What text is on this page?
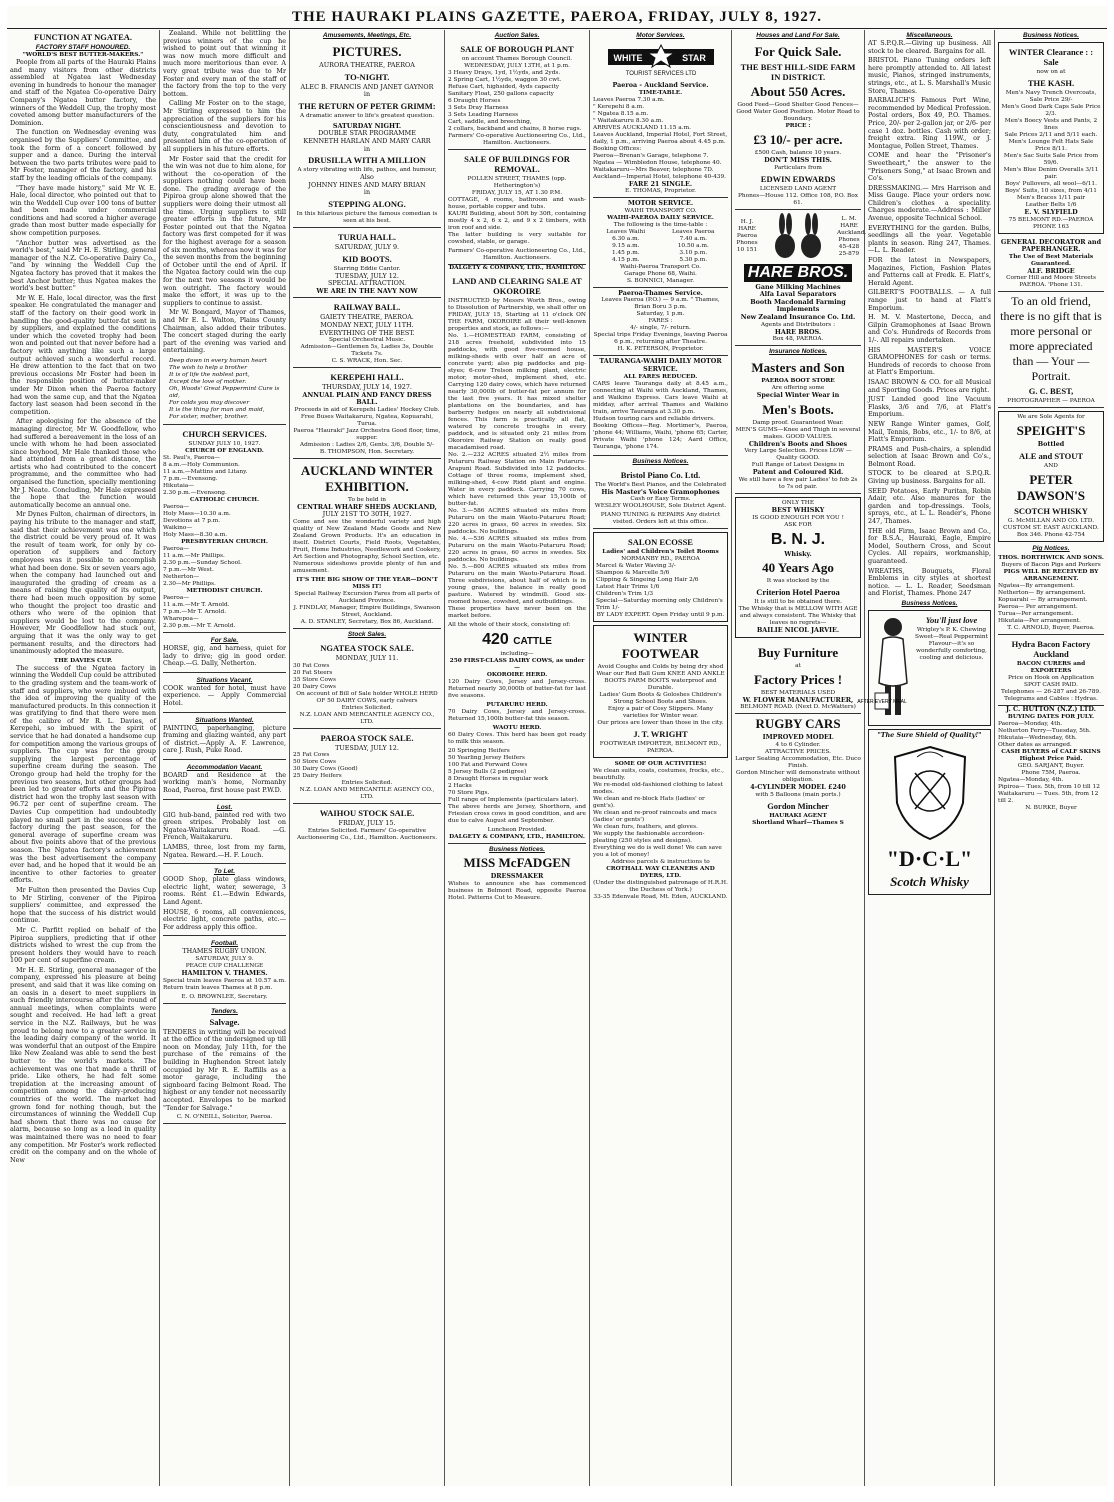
THE HAURAKI PLAINS GAZETTE, PAEROA, FRIDAY, JULY 8, 1927.
FUNCTION AT NGATEA.
FACTORY STAFF HONOURED.
"WORLD'S BEST BUTTER-MAKERS."

People from all parts of the Hauraki Plains and many visitors from other districts assembled at Ngatea last Wednesday evening in hundreds to honour the manager and staff of the Ngatea Co-operative Dairy Company's Ngatea butter factory, the winners of the Weddell Cup, the trophy most coveted among butter manufacturers of the Dominion.

The function on Wednesday evening was organised by the Suppliers' Committee, and took the form of a concert followed by supper and a dance. During the interval between the two parts tributes were paid to Mr Foster, manager of the factory, and his staff by the leading officials of the company.

"They have made history," said Mr W. E. Hale, local director, who pointed out that to win the Weddell Cup over 100 tons of butter had been made under commercial conditions and had scored a higher average grade than most butter made especially for show competition purposes.

"Anchor butter was advertised as the world's best," said Mr H. E. Stirling, general manager of the N.Z. Co-operative Dairy Co., "and by winning the Weddell Cup the Ngatea factory has proved that it makes the best Anchor butter; thus Ngatea makes the world's best butter."

Mr W. E. Hale, local director, was the first speaker. He congratulated the manager and staff of the factory on their good work in handling the good-quality butter-fat sent in by suppliers, and explained the conditions under which the coveted trophy had been won and pointed out that never before had a factory with anything like such a large output achieved such a wonderful record. He drew attention to the fact that on two previous occasions Mr Foster had been in the responsible position of butter-maker under Mr Dixon when the Paeroa factory had won the same cup, and that the Ngatea factory last season had been second in the competition.

After apologising for the absence of the managing director, Mr W. Goodfellow, who had suffered a bereavement in the loss of an uncle with whom he had been associated since boyhood, Mr Hale thanked those who had attended from a great distance, the artists who had contributed to the concert programme, and the committee who had organised the function, specially mentioning Mr J. Neate. Concluding, Mr Hale expressed the hope that the function would automatically become an annual one.

Mr Dynes Fulton, chairman of directors, in paying his tribute to the manager and staff, said that their achievement was one which the district could be very proud of. It was the result of team work, for only by co-operation of suppliers and factory employees was it possible to accomplish what had been done. Six or seven years ago, when the company had launched out and inaugurated the grading of cream as a means of raising the quality of its output, there had been much opposition by some who thought the project too drastic and others who were of the opinion that suppliers would be lost to the company. However, Mr Goodfellow had stuck out, arguing that it was the only way to get permanent results, and the directors had unanimously adopted the measure.

THE DAVIES CUP.

The success of the Ngatea factory in winning the Weddell Cup could be attributed to the grading system and the team-work of staff and suppliers, who were imbued with the idea of improving the quality of the manufactured products. In this connection it was gratifying to find that there were men of the calibre of Mr R. L. Davies, of Kerepehi, so imbued with the spirit of service that he had donated a handsome cup for competition among the various groups of suppliers. The cup was for the group supplying the largest percentage of superfine cream during the season. The Orongo group had held the trophy for the previous two seasons, but other groups had been led to greater efforts and the Pipiroa district had won the trophy last season with 96.72 per cent of superfine cream. The Davies Cup competition had undoubtedly played no small part in the success of the factory during the past season, for the general average of superfine cream was about five points above that of the previous season. The Ngatea factory's achievement was the best advertisement the company ever had, and he hoped that it would be an incentive to other factories to greater efforts.

Mr Fulton then presented the Davies Cup to Mr Stirling, convener of the Pipiroa suppliers' committee, and expressed the hope that the success of his district would continue.

Mr C. Parfitt replied on behalf of the Pipiroa suppliers, predicting that if other districts wished to wrest the cup from the present holders they would have to reach 100 per cent of superfine cream.

Mr H. E. Stirling, general manager of the company, expressed his pleasure at being present, and said that it was like coming on an oasis in a desert to meet suppliers in such friendly intercourse after the round of annual meetings, when complaints were sought and received. He had left a great service in the N.Z. Railways, but he was proud to belong now to a greater service in the leading dairy company of the world. It was wonderful that an outpost of the Empire like New Zealand was able to send the best butter to the world's markets. The achievement was one that made a thrill of pride. Like others, he had felt some trepidation at the increasing amount of competition among the dairy-producing countries of the world. The market had grown fond for nothing though, but the circumstances of winning the Weddell Cup had shown that there was no cause for alarm, because so long as a lead in quality was maintained there was no need to fear any competition. Mr Foster's work reflected credit on the company and on the whole of New

Zealand. While not belittling the previous winners of the cup he wished to point out that winning it was now much more difficult and much more meritorious than ever. A very great tribute was due to Mr Foster and every man of the staff of the factory from the top to the very bottom.

Calling Mr Foster on to the stage, Mr Stirling expressed to him the appreciation of the suppliers for his conscientiousness and devotion to duty, congratulated him and presented him of the co-operation of all suppliers in his future efforts.

Mr Foster said that the credit for the win was not due to him alone, for without the co-operation of the suppliers nothing could have been done. The grading average of the Pipiroa group alone showed that the suppliers were doing their utmost all the time. Urging suppliers to still greater efforts in the future, Mr Foster pointed out that the Ngatea factory was first competed for it was for the highest average for a season of six months, whereas now it was for the seven months from the beginning of October until the end of April. If the Ngatea factory could win the cup for the next two seasons it would be won outright. The factory would make the effort, it was up to the suppliers to continue to assist.

Mr W. Bongard, Mayor of Thames, and Mr E. L. Walton, Plains County Chairman, also added their tributes. The concert staged during the early part of the evening was varied and entertaining.

Deep down in every human heart
The wish to help a brother
It is of life the noblest part,
Except the love of mother.
Oh, Woods' Great Peppermint Cure is aid,
For colds you may discover
It is the thing for man and maid,
For sister, mother, brother.
CHURCH SERVICES.
SUNDAY JULY 10, 1927.
CHURCH OF ENGLAND.
St. Paul's, Paeroa—
8 a.m.—Holy Communion.
11 a.m.—Mattins and Litany.
7 p.m.—Evensong.
Hikutaia—
2.30 p.m.—Evensong.
CATHOLIC CHURCH.
Paeroa—
Holy Mass—10.30 a.m.
Devotions at 7 p.m.
Waikino—
Holy Mass—8.30 a.m.
PRESBYTERIAN CHURCH.
Paeroa—
11 a.m.—Mr Phillips.
2.30 p.m.—Sunday School.
7 p.m.—Mr West.
Netherton—
2.30—Mr Phillips.
METHODIST CHURCH.
Paeroa—
11 a.m.—Mr T. Arnold.
7 p.m.—Mr T. Arnold.
Wharepoa—
2.30 p.m.—Mr T. Arnold.
For Sale.

HORSE, gig, and harness, quiet for lady to drive; gig in good order. Cheap.—G. Dally, Netherton.

Situations Vacant.

COOK wanted for hotel, must have experience. — Apply Commercial Hotel.

Situations Wanted.

PAINTING, paperhanging, picture framing and glazing wanted, any part of district.—Apply A. F. Lawrence, care J. Rush, Puke Road.

Accommodation Vacant.

BOARD and Residence at the working man's home, Normanby Road, Paeroa, first house past P.W.D.

Lost.

GIG hub-band, painted red with two green stripes. Probably lost on Ngatea-Waitakaruru Road. —G. French, Waitakaruru.

LAMBS, three, lost from my farm, Ngatea. Reward.—H. F. Louch.

To Let.

GOOD Shop, plate glass windows, electric light, water, sewerage, 3 rooms. Rent £1.—Edwin Edwards, Land Agent.

HOUSE, 6 rooms, all conveniences, electric light, concrete paths, etc.—For address apply this office.

Football.
THAMES RUGBY UNION.
SATURDAY, JULY 9.
PEACE CUP CHALLENGE
HAMILTON V. THAMES.

Special train leaves Paeroa at 10.57 a.m. Return train leaves Thames at 8 p.m.

E. O. BROWNLEE, Secretary.
Tenders.
Salvage.

TENDERS in writing will be received at the office of the undersigned up till noon on Monday, July 11th, for the purchase of the remains of the building in Hughendon Street lately occupied by Mr R. E. Raffills as a motor garage, including the signboard facing Belmont Road. The highest or any tender not necessarily accepted. Envelopes to be marked "Tender for Salvage."

C. N. O'NEILL, Solicitor, Paeroa.
Amusements, Meetings, Etc.
PICTURES.
AURORA THEATRE, PAEROA
TO-NIGHT.
ALEC B. FRANCIS AND JANET GAYNOR
in
THE RETURN OF PETER GRIMM:
A dramatic answer to life's greatest question.
SATURDAY NIGHT.
DOUBLE STAR PROGRAMME
KENNETH HARLAN AND MARY CARR
in
DRUSILLA WITH A MILLION
A story vibrating with life, pathos, and humour,
Also
JOHNNY HINES AND MARY BRIAN
in
STEPPING ALONG.
In this hilarious picture the famous comedian is seen at his best.
TURUA HALL.
SATURDAY, JULY 9.
KID BOOTS.
Starring Eddie Cantor.
TUESDAY, JULY 12.
SPECIAL ATTRACTION.
WE ARE IN THE NAVY NOW
RAILWAY BALL.
GAIETY THEATRE, PAEROA.
MONDAY NEXT, JULY 11TH.
EVERYTHING OF THE BEST.
Special Orchestral Music.
Admission—Gentlemen 5s, Ladies 3s, Double Tickets 7s.
C. S. WRACK, Hon. Sec.
KEREPEHI HALL.
THURSDAY, JULY 14, 1927.
ANNUAL PLAIN AND FANCY DRESS BALL.
Proceeds in aid of Kerepehi Ladies' Hockey Club.
Free Buses Waitakaruru, Ngatea, Kopuarahi, Turua.
Paeroa "Hauraki" Jazz Orchestra Good floor, time, supper.
Admission : Ladies 2/6, Gents. 3/6, Double 5/-
B. THOMPSON, Hon. Secretary.
AUCKLAND WINTER EXHIBITION.
To be held in
CENTRAL WHARF SHEDS AUCKLAND,
JULY 21ST TO 30TH, 1927.

Come and see the wonderful variety and high quality of New Zealand Made Goods and New Zealand Grown Products. It's an education in itself. District Courts, Field Roots, Vegetables, Fruit, Home Industries, Needlework and Cookery, Art Section and Photography, School Section, etc.
Numerous sideshows provide plenty of fun and amusement.

IT'S THE BIG SHOW OF THE YEAR—DON'T MISS IT!
Special Railway Excursion Fares from all parts of Auckland Province.
J. FINDLAY, Manager, Empire Buildings, Swanson Street, Auckland.
A. D. STANLEY, Secretary, Box 86, Auckland.
Stock Sales.
NGATEA STOCK SALE.
MONDAY, JULY 11.
30 Fat Cows
20 Fat Steers
35 Store Cows
20 Dairy Cows
On account of Bill of Sale holder WHOLE HERD OF 50 DAIRY COWS, early calvers
Entries Solicited.
N.Z. LOAN AND MERCANTILE AGENCY CO., LTD.
PAEROA STOCK SALE.
TUESDAY, JULY 12.
25 Fat Cows
50 Store Cows
30 Dairy Cows (Good)
25 Dairy Heifers
Entries Solicited.
N.Z. LOAN AND MERCANTILE AGENCY CO., LTD.
WAIHOU STOCK SALE.
FRIDAY, JULY 15.
Entries Solicited. Farmers' Co-operative Auctioneering Co., Ltd., Hamilton. Auctioneers.
Auction Sales.
SALE OF BOROUGH PLANT
on account Thames Borough Council.
WEDNESDAY, JULY 13TH, at 1 p.m.
3 Heavy Drays, 1yd, 1½yds, and 2yds.
2 Spring Cart, 1½yds, waggon 30 cwt.
Refuse Cart, highsided, 4yds capacity
Sanitary Float, 250 gallons capacity
6 Draught Horses
3 Sets Dray Harness
3 Sets Leading Harness
Cart, saddle, and breeching,
2 collars, backband and chains, 8 horse rugs.
Farmers' Co-operative Auctioneering Co., Ltd., Hamilton. Auctioneers.
SALE OF BUILDINGS FOR REMOVAL.
POLLEN STREET, THAMES (opp. Hetherington's)
FRIDAY, JULY 15, AT 1.30 P.M.

COTTAGE, 4 rooms, bathroom and wash-house, portable copper and tubs.
KAURI Building, about 50ft by 30ft, containing mostly 4 x 2, 6 x 2, and 9 x 2 timbers, with iron roof and side.
The latter building is very suitable for cowshed, stable, or garage.

Farmers' Co-operative Auctioneering Co., Ltd., Hamilton. Auctioneers.
DALGETY & COMPANY, LTD., HAMILTON.
LAND AND CLEARING SALE AT OKOROIRE

INSTRUCTED by Messrs Worth Bros., owing to Dissolution of Partnership, we shall offer on FRIDAY, JULY 15, Starting at 11 o'clock ON THE FARM, OKOROIRE all their well-known properties and stock, as follows:—
No. 1.—HOMESTEAD FARM, consisting of 218 acres freehold, subdivided into 15 paddocks, with good five-roomed house, milking-sheds with over half an acre of concrete yard; also pig paddocks and pig-styes; 6-cow Trelson milking plant, electric motor, motor-shed, implement shed, etc. Carrying 120 dairy cows, which have returned nearly 30,000lb of butter-fat per annum for the last five years. It has mixed shelter plantations on the boundaries, and has barberry hedges on nearly all subdivisional fences. This farm is practically all flat, watered by concrete troughs in every paddock, and is situated only 21 miles from Okoroire Railway Station on really good macadamised road.
No. 2.—232 ACRES situated 2½ miles from Putaruru Railway Station on Main Putaruru-Arapuni Road. Subdivided into 12 paddocks. Cottage of three rooms, implement shed, milking-shed, 4-cow Ridd plant and engine. Water in every paddock. Carrying 70 cows, which have returned this year 15,100lb of butter-fat.
No. 3.—586 ACRES situated six miles from Putaruru on the main Waotu-Putaruru Road; 220 acres in grass, 60 acres in swedes. Six paddocks. No buildings.
No. 4.—536 ACRES situated six miles from Putaruru on the main Waotu-Putaruru Road; 220 acres in grass, 60 acres in swedes. Six paddocks. No buildings.
No. 5.—800 ACRES situated six miles from Putaruru on the main Waotu-Putaruru Road. Three subdivisions, about half of which is in young grass, the balance in really good pasture. Watered by windmill. Good six-roomed house, cowshed, and outbuildings.
These properties have never been on the market before.

All the whole of their stock, consisting of:
420 CATTLE
including—
250 FIRST-CLASS DAIRY COWS, as under—
OKOROIRE HERD.

120 Dairy Cows, Jersey and Jersey-cross. Returned nearly 30,000lb of butter-fat for last five seasons.

PUTARURU HERD.

70 Dairy Cows, Jersey and Jersey-cross. Returned 15,100lb butter-fat this season.

WAOTU HERD.

60 Dairy Cows. This herd has been got ready to milk this season.

20 Springing Heifers
50 Yearling Jersey Heifers
100 Fat and Forward Cows
5 Jersey Bulls (2 pedigree)
8 Draught Horses in regular work
2 Hacks
70 Store Pigs.
Full range of Implements (particulars later).

The above herds are Jersey, Shorthorn, and Friesian cross cows in good condition, and are due to calve August and September.

Luncheon Provided.
DALGETY & COMPANY, LTD., HAMILTON.
Business Notices.
MISS McFADGEN
DRESSMAKER

Wishes to announce she has commenced business in Belmont Road, opposite Paeroa Hotel. Patterns Cut to Measure.

Motor Services.
WHITE	STAR
TOURIST SERVICES LTD
Paeroa - Auckland Service.
TIME-TABLE.
Leaves Paeroa 7.30 a.m.
" Kerepehi 8 a.m.
" Ngatea 8.15 a.m.
" Waitakaruru 8.30 a.m.
ARRIVES AUCKLAND 11.15 a.m.
Leaves Auckland, Imperial Hotel, Fort Street, daily, 1 p.m., arriving Paeroa about 4.45 p.m.
Booking Offices:
Paeroa—Brenan's Garage, telephone 7.
Ngatea — Wimbledon House, telephone 40.
Waitakaruru—Mrs Beaver, telephone 7D.
Auckland—Imperial Hotel, telephone 40-439.
FARE 21 SINGLE.
E. THOMAS, Proprietor.
MOTOR SERVICE.
WAIHI TRANSPORT CO.
WAIHI-PAEROA DAILY SERVICE.
The following is the time-table :
Leaves Waihi
6.30 a.m.
9.15 a.m.
1.45 p.m.
4.15 p.m.
Leaves Paeroa
7.40 a.m.
10.50 a.m.
3.10 p.m.
5.30 p.m.
Waihi-Paeroa Transport Co.
Garage Phone 68, Waihi.
S. BONNICI, Manager.
Paeroa-Thames Service.
Leaves Paeroa (P.O.) — 9 a.m. " Thames, Brian Boru 3 p.m.
Saturday, 1 p.m.
FARES :
4/- single, 7/- return.
Special trips Friday Evenings, leaving Paeroa 6 p.m., returning after Theatre.
H. K. PETERSON, Proprietor.
TAURANGA-WAIHI DAILY MOTOR SERVICE.
ALL FARES REDUCED.

CARS leave Tauranga daily at 8.45 a.m., connecting at Waihi with Auckland, Thames, and Waikino Express. Cars leave Waihi at midday, after arrival Thames and Waikino train, arrive Tauranga at 3.30 p.m.
Hudson touring cars and reliable drivers.
Booking Offices—Reg. Mortimer's, Paeroa, 'phone 44; Williams, Waihi, 'phone 65; Carter, Private Waihi 'phone 124; Aard Office, Tauranga, 'phone 174.

Business Notices.
Bristol Piano Co. Ltd.
The World's Best Pianos, and the Celebrated
His Master's Voice Gramophones
Cash or Easy Terms.
WESLEY WOOLHOUSE, Sole District Agent.
PIANO TUNING & REPAIRS Any district visited. Orders left at this office.
SALON ECOSSE
Ladies' and Children's Toilet Rooms
NORMANBY RD., PAEROA
Marcel & Water Waving 3/-
Shampoo & Marcelle 5/6
Clipping & Singeing Long Hair 2/6
Latest Hair Trims 1/6
Children's Trim 1/3
Special—Saturday morning only Children's Trim 1/-
BY LADY EXPERT. Open Friday until 9 p.m.
WINTER FOOTWEAR
Avoid Coughs and Colds by being dry shod
Wear our Red Ball Gum KNEE AND ANKLE BOOTS FARM BOOTS waterproof and Durable.
Ladies' Gum Boots & Goloshes Children's Strong School Boots and Shoes.
Enjoy a pair of Cosy Slippers. Many varieties for Winter wear.
Our prices are lower than those in the city.
J. T. WRIGHT
FOOTWEAR IMPORTER, BELMONT RD., PAEROA.
SOME OF OUR ACTIVITIES!
We clean suits, coats, costumes, frocks, etc., beautifully.
We re-model old-fashioned clothing to latest modes.
We clean and re-block Hats (ladies' or gent's).
We clean and re-proof raincoats and macs (ladies' or gents')
We clean furs, feathers, and gloves.
We supply the fashionable accordeon-pleating (250 styles and designs).
Everything we do is well done! We can save you a lot of money!
Address parcels & instructions to
CROTHALL WAY CLEANERS AND DYERS, LTD.
(Under the distinguished patronage of H.R.H. the Duchess of York.)
33-35 Edenvale Road, Mt. Eden, AUCKLAND.
Houses and Land For Sale.
For Quick Sale.
THE BEST HILL-SIDE FARM IN DISTRICT.
About 550 Acres.
Good Feed—Good Shelter Good Fences—Good Water Good Position. Motor Road to Boundary.
PRICE :
£3 10/- per acre.
£500 Cash, balance 10 years.
DON'T MISS THIS.
Particulars from
EDWIN EDWARDS
LICENSED LAND AGENT
Phones—House 112. Office 108, P.O. Box 61.
H. J. HARE Paeroa Phones 10 151
L. M. HARE Auckland. Phones 45-428 25-879
HARE BROS.
Gane Milking Machines
Alfa Laval Separators
Booth Macdonald Farming Implements
New Zealand Insurance Co. Ltd.
Agents and Distributors :
HARE BROS.
Box 48, PAEROA.
Insurance Notices.
Masters and Son
PAEROA BOOT STORE
Are offering some
Special Winter Wear in
Men's Boots.
Damp proof. Guaranteed Wear.
MEN'S GUMS—Knee and Thigh in several makes. GOOD VALUES.
Children's Boots and Shoes
Very Large Selection. Prices LOW — Quality GOOD.
Full Range of Latest Designs in
Patent and Coloured Kid.
We still have a few pair Ladies' to fob 2s to 7s od pair.
ONLY THE
BEST WHISKY
IS GOOD ENOUGH FOR YOU !
ASK FOR
B. N. J.
Whisky.
40 Years Ago
It was stocked by the
Criterion Hotel Paeroa
It is still to be obtained there.
The Whisky that is MELLOW WITH AGE and always consistent. The Whisky that leaves no regrets—
BAILIE NICOL JARVIE.
Buy Furniture
at
Factory Prices !
BEST MATERIALS USED
W. FLOWER MANUFACTURER,
BELMONT ROAD. (Next D. McWatters)
RUGBY CARS
IMPROVED MODEL
4 to 6 Cylinder.
ATTRACTIVE PRICES.
Larger Seating Accommodation, Etc. Duco Finish.
Gordon Mincher will demonstrate without obligation.
4-CYLINDER MODEL £240
with 5 Balloons (main ports.)
Gordon Mincher
HAURAKI AGENT
Shortland Wharf—Thames S
Miscellaneous.

AT S.P.Q.R.—Giving up business. All stock to be cleared. Bargains for all.

BRISTOL Piano Tuning orders left here promptly attended to. All latest music, Pianos, stringed instruments, strings, etc., at L. S. Marshall's Music Store, Thames.

BARBALICH'S Famous Port Wine, recommended by Medical Profession. Postal orders, Box 49, P.O. Thames. Price, 20/- per 2-gallon jar, or 2/6- per case 1 doz. bottles. Cash with order; freight extra. Ring 119W., or J. Montague, Pollen Street, Thames.

COME and hear the "Prisoner's Sweetheart," the answer to the "Prisoners Song," at Isaac Brown and Co's.

DRESSMAKING.— Mrs Harrison and Miss Gauge. Place your orders now. Children's clothes a speciality. Charges moderate.—Address : Miller Avenue, opposite Technical School.

EVERYTHING for the garden. Bulbs, seedlings all the year. Vegetable plants in season. Ring 247, Thames.—L. L. Reader.

FOR the latest in Newspapers, Magazines, Fiction, Fashion Plates and Patterns call at Fredk. E. Flatt's, Herald Agent.

GILBERT'S FOOTBALLS. — A full range just to hand at Flatt's Emporium.

H. M. V. Mastertone, Decca, and Gilpin Gramophones at Isaac Brown and Co's. Hundreds of Records from 1/-. All repairs undertaken.

HIS MASTER'S VOICE GRAMOPHONES for cash or terms. Hundreds of records to choose from at Flatt's Emporium.

ISAAC BROWN & CO. for all Musical and Sporting Goods. Prices are right.

JUST Landed good line Vacuum Flasks, 3/6 and 7/6, at Flatt's Emporium.

NEW Range Winter games, Golf, Mail, Tennis, Bobs, etc., 1/- to 8/6, at Flatt's Emporium.

PRAMS and Push-chairs, a splendid selection at Isaac Brown and Co's., Belmont Road.

STOCK to be cleared at S.P.Q.R. Giving up business. Bargains for all.

SEED Potatoes, Early Puritan, Robin Adair, etc. Also manures for the garden and top-dressings. Tools, sprays, etc., at L. L. Reader's, Phone 247, Thames.

THE old Firm, Isaac Brown and Co., for B.S.A., Hauraki, Eagle, Empire Model, Southern Cross, and Scout Cycles. All repairs, workmanship, guaranteed.

WREATHS, Bouquets, Floral Emblems in city styles at shortest notice. — L. L. Reader, Seedsman and Florist, Thames. Phone 247

Business Notices.
AFTER EVERY MEAL
You'll just love
Wrigley's P. K. Chewing Sweet—Real Peppermint Flavour—it's so wonderfully comforting, cooling and delicious.
"The Sure Shield of Quality!"
"D·C·L"
Scotch Whisky
Business Notices.
WINTER Clearance : : Sale
now on at
THE KASH.
Men's Navy Trench Overcoats, Sale Price 29/-
Men's Good Dark Caps Sale Price 2/3.
Men's Boecy Vests and Pants, 2 lines
Sale Prices 2/11 and 5/11 each.
Men's Lounge Felt Hats Sale Price 8/11.
Men's Sac Suits Sale Price from 59/6.
Men's Blue Denim Overalls 3/11 pair.
Boys' Pullovers, all wool—6/11.
Boys' Suits, 10 sizes, from 4/11
Men's Braces 1/11 pair
Leather Belts 1/6
E. V. SLYFIELD
75 BELMONT RD.—PAEROA PHONE 163
GENERAL DECORATOR and PAPERHANGER.
The Use of Best Materials Guaranteed.
ALF. BRIDGE
Corner Hill and Moore Streets PAEROA. 'Phone 131.
To an old friend, there is no gift that is more personal or more appreciated than — Your — Portrait.
G. C. BEST,
PHOTOGRAPHER — PAEROA
We are Sole Agents for
SPEIGHT'S
Bottled
ALE and STOUT
AND
PETER DAWSON'S
SCOTCH WHISKY
G. McMILLAN AND CO. LTD.
CUSTOM ST. EAST AUCKLAND.
Box 346. Phone 42-754
Pig Notices.
THOS. BORTHWICK AND SONS.
Buyers of Bacon Pigs and Porkers
PIGS WILL BE RECEIVED BY ARRANGEMENT.
Ngatea—By arrangement.
Netherton— By arrangement.
Kopuarahi — By arrangement.
Paeroa— Per arrangement.
Turua—Per arrangement.
Hikutaia—Per arrangement.
T. C. ARNOLD, Buyer, Paeroa.
Hydra Bacon Factory Auckland
BACON CURERS and EXPORTERS
Price on Hook on Application
SPOT CASH PAID.
Telephones — 26-287 and 26-789. Telegrams and Cables : Hydras.
J. C. HUTTON (N.Z.) LTD.
BUYING DATES FOR JULY.
Paeroa—Monday, 4th.
Netherton Ferry—Tuesday, 5th.
Hikutaia—Wednesday, 6th.
Other dates as arranged.
CASH BUYERS of CALF SKINS Highest Price Paid.
GEO. SARJANT, Buyer.
Phone 75M, Paeroa.
Ngatea—Monday, 4th.
Pipiroa— Tues. 5th, from 10 till 12
Waitakaruru — Tues. 5th, from 12 till 2.
N. BURKE, Buyer
